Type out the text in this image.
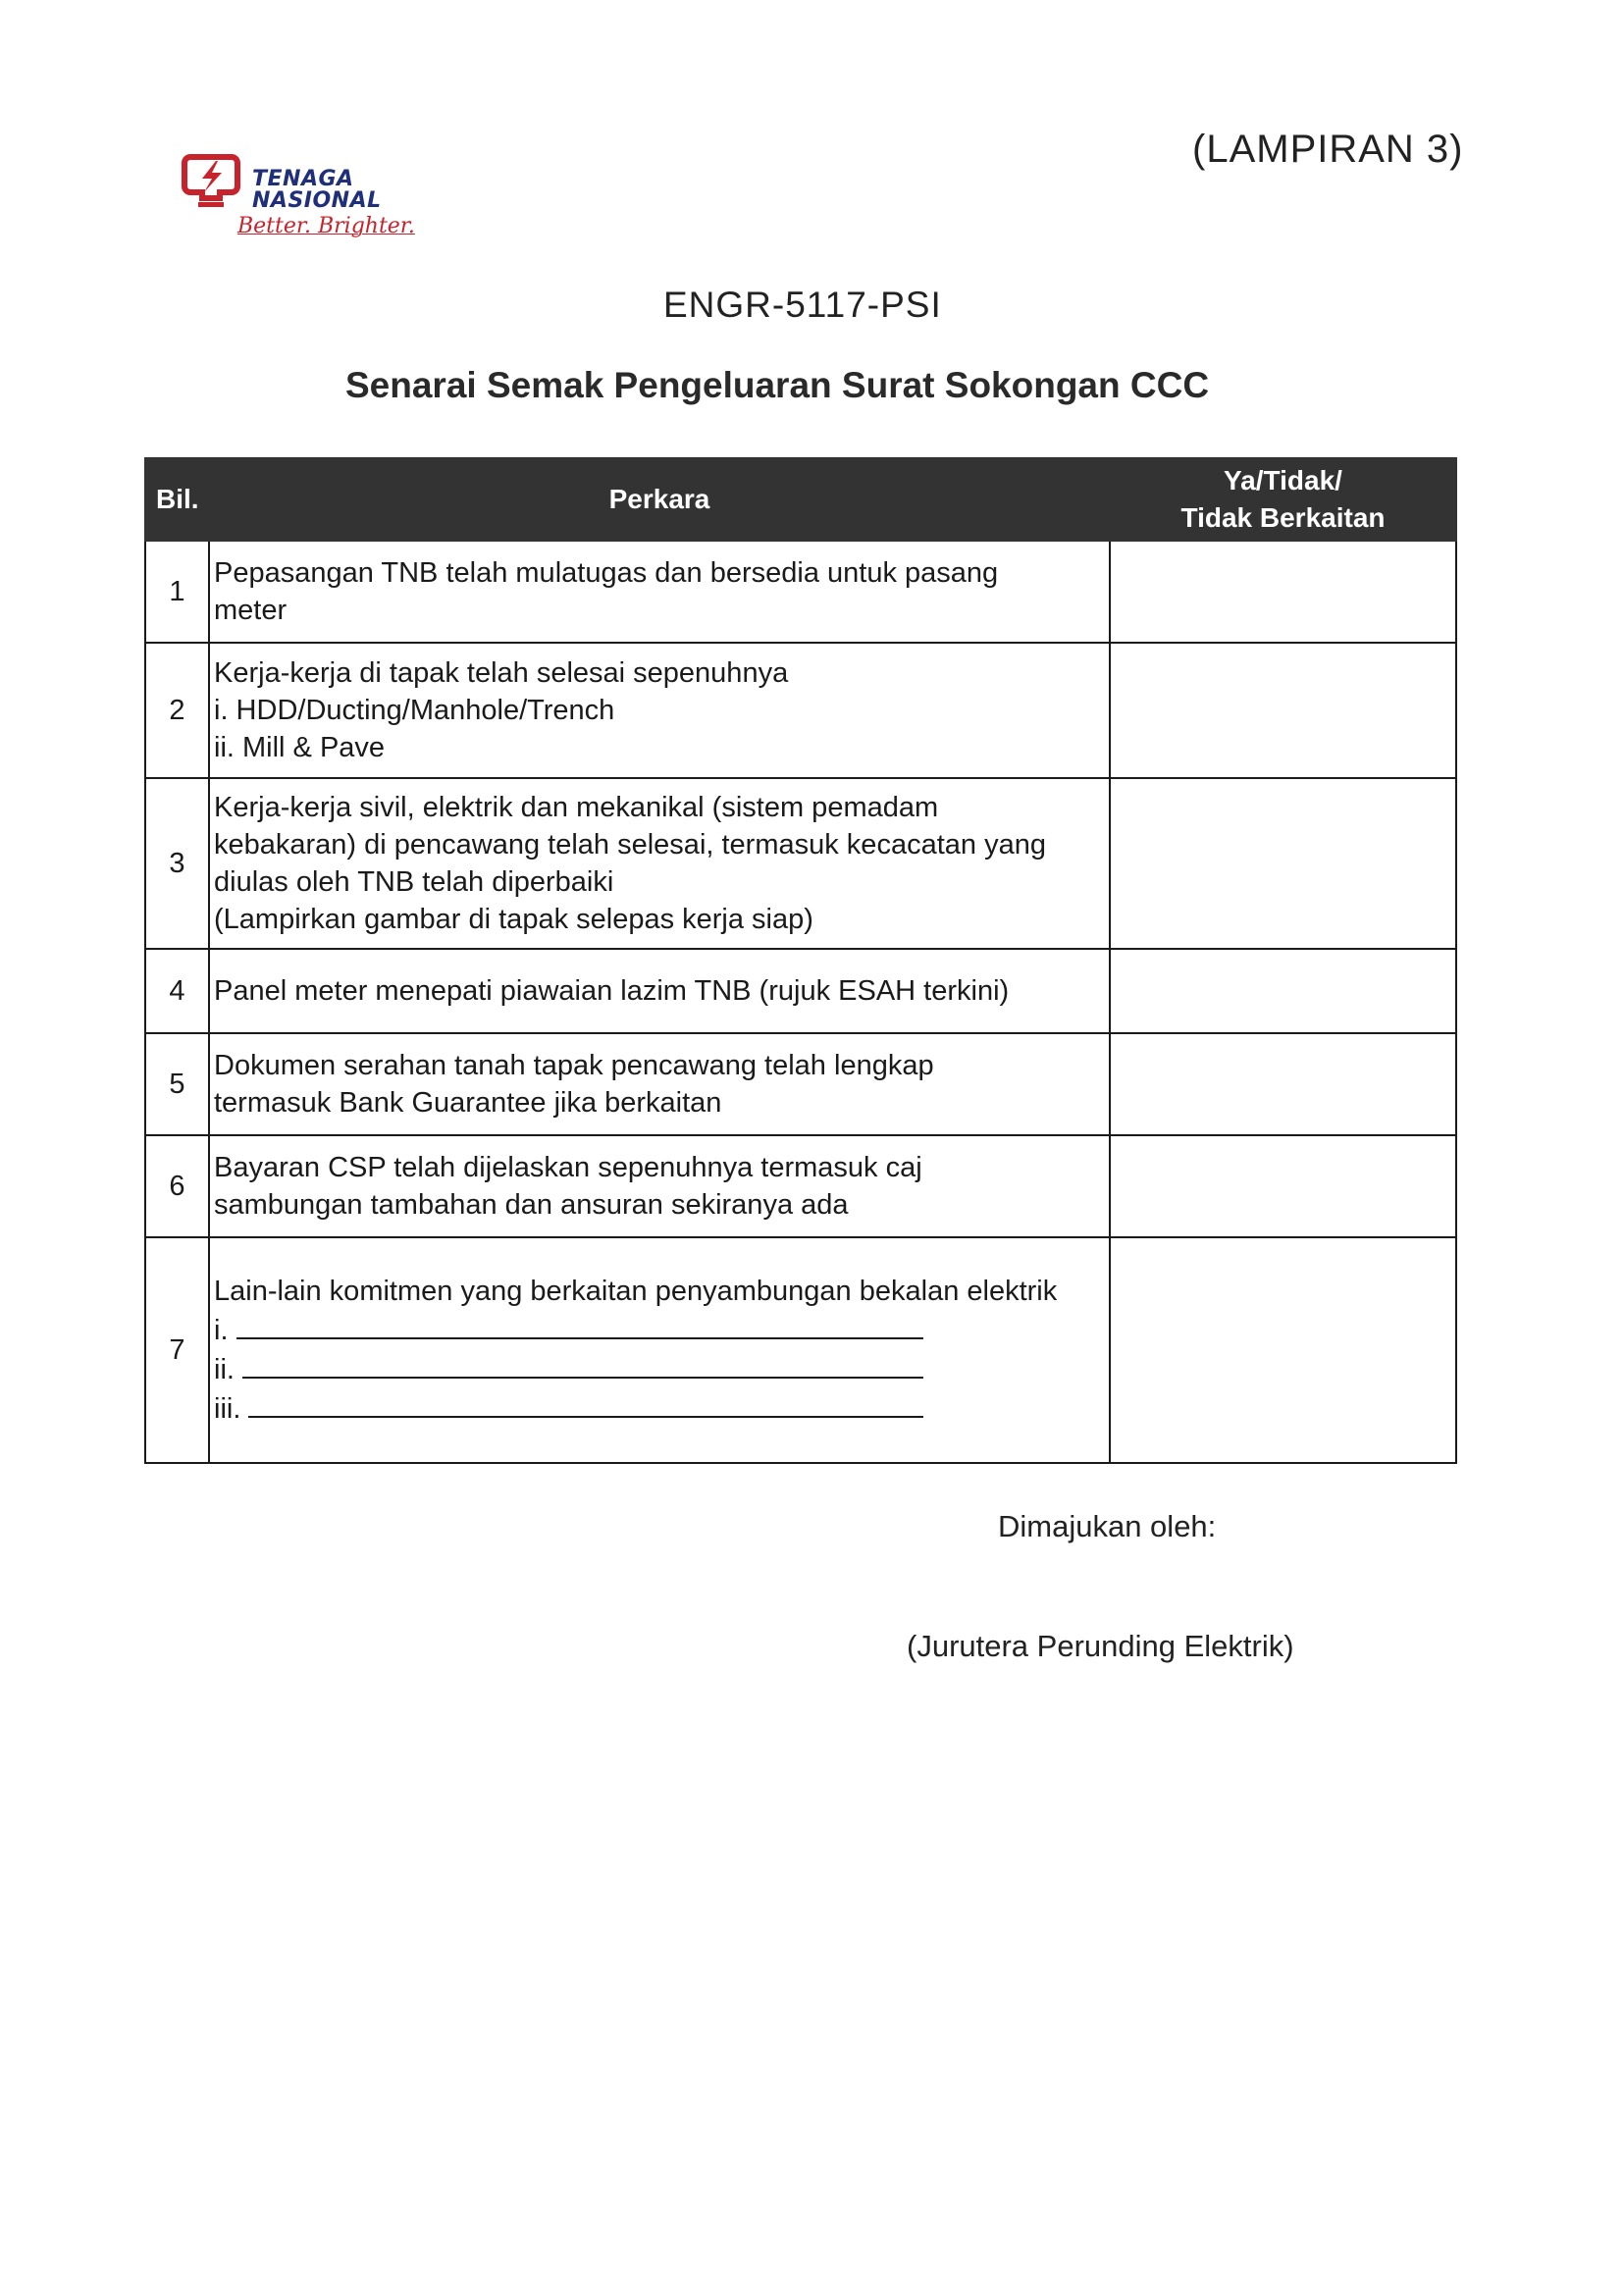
TENAGA
NASIONAL
Better. Brighter.
(LAMPIRAN 3)
ENGR-5117-PSI
Senarai Semak Pengeluaran Surat Sokongan CCC
Bil.	Perkara	Ya/Tidak/
Tidak Berkaitan

1	Pepasangan TNB telah mulatugas dan bersedia untuk pasang
meter	

2	Kerja-kerja di tapak telah selesai sepenuhnya
i. HDD/Ducting/Manhole/Trench
ii. Mill & Pave	

3	Kerja-kerja sivil, elektrik dan mekanikal (sistem pemadam
kebakaran) di pencawang telah selesai, termasuk kecacatan yang
diulas oleh TNB telah diperbaiki
(Lampirkan gambar di tapak selepas kerja siap)	

4	Panel meter menepati piawaian lazim TNB (rujuk ESAH terkini)	

5	Dokumen serahan tanah tapak pencawang telah lengkap
termasuk Bank Guarantee jika berkaitan	

6	Bayaran CSP telah dijelaskan sepenuhnya termasuk caj
sambungan tambahan dan ansuran sekiranya ada	

7	Lain-lain komitmen yang berkaitan penyambungan bekalan elektrik
i.
ii.
iii.	

Dimajukan oleh:
(Jurutera Perunding Elektrik)
